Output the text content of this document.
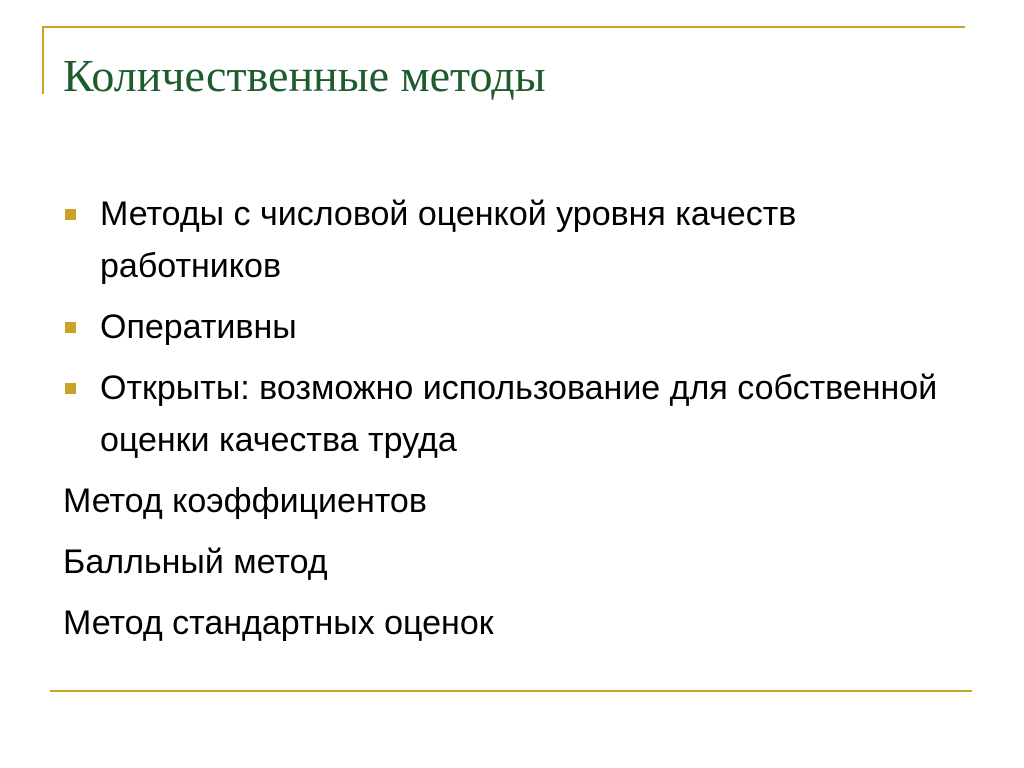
Количественные методы
Методы с числовой оценкой уровня качеств работников
Оперативны
Открыты: возможно использование для собственной оценки качества труда

Метод коэффициентов

Балльный метод

Метод стандартных оценок
